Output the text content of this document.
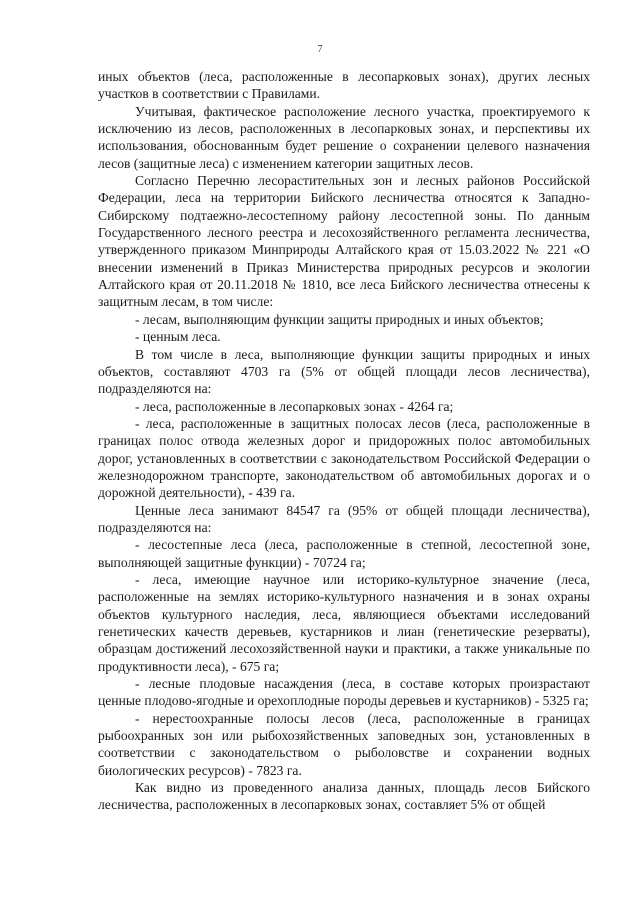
7

иных объектов (леса, расположенные в лесопарковых зонах), других лесных участков в соответствии с Правилами.

Учитывая, фактическое расположение лесного участка, проектируемого к исключению из лесов, расположенных в лесопарковых зонах, и перспективы их использования, обоснованным будет решение о сохранении целевого назначения лесов (защитные леса) с изменением категории защитных лесов.

Согласно Перечню лесорастительных зон и лесных районов Российской Федерации, леса на территории Бийского лесничества относятся к Западно-Сибирскому подтаежно-лесостепному району лесостепной зоны. По данным Государственного лесного реестра и лесохозяйственного регламента лесничества, утвержденного приказом Минприроды Алтайского края от 15.03.2022 № 221 «О внесении изменений в Приказ Министерства природных ресурсов и экологии Алтайского края от 20.11.2018 № 1810, все леса Бийского лесничества отнесены к защитным лесам, в том числе:

- лесам, выполняющим функции защиты природных и иных объектов;

- ценным леса.

В том числе в леса, выполняющие функции защиты природных и иных объектов, составляют 4703 га (5% от общей площади лесов лесничества), подразделяются на:

- леса, расположенные в лесопарковых зонах - 4264 га;

- леса, расположенные в защитных полосах лесов (леса, расположенные в границах полос отвода железных дорог и придорожных полос автомобильных дорог, установленных в соответствии с законодательством Российской Федерации о железнодорожном транспорте, законодательством об автомобильных дорогах и о дорожной деятельности), - 439 га.

Ценные леса занимают 84547 га (95% от общей площади лесничества), подразделяются на:

- лесостепные леса (леса, расположенные в степной, лесостепной зоне, выполняющей защитные функции) - 70724 га;

- леса, имеющие научное или историко-культурное значение (леса, расположенные на землях историко-культурного назначения и в зонах охраны объектов культурного наследия, леса, являющиеся объектами исследований генетических качеств деревьев, кустарников и лиан (генетические резерваты), образцам достижений лесохозяйственной науки и практики, а также уникальные по продуктивности леса), - 675 га;

- лесные плодовые насаждения (леса, в составе которых произрастают ценные плодово-ягодные и орехоплодные породы деревьев и кустарников) - 5325 га;

- нерестоохранные полосы лесов (леса, расположенные в границах рыбоохранных зон или рыбохозяйственных заповедных зон, установленных в соответствии с законодательством о рыболовстве и сохранении водных биологических ресурсов) - 7823 га.

Как видно из проведенного анализа данных, площадь лесов Бийского лесничества, расположенных в лесопарковых зонах, составляет 5% от общей
